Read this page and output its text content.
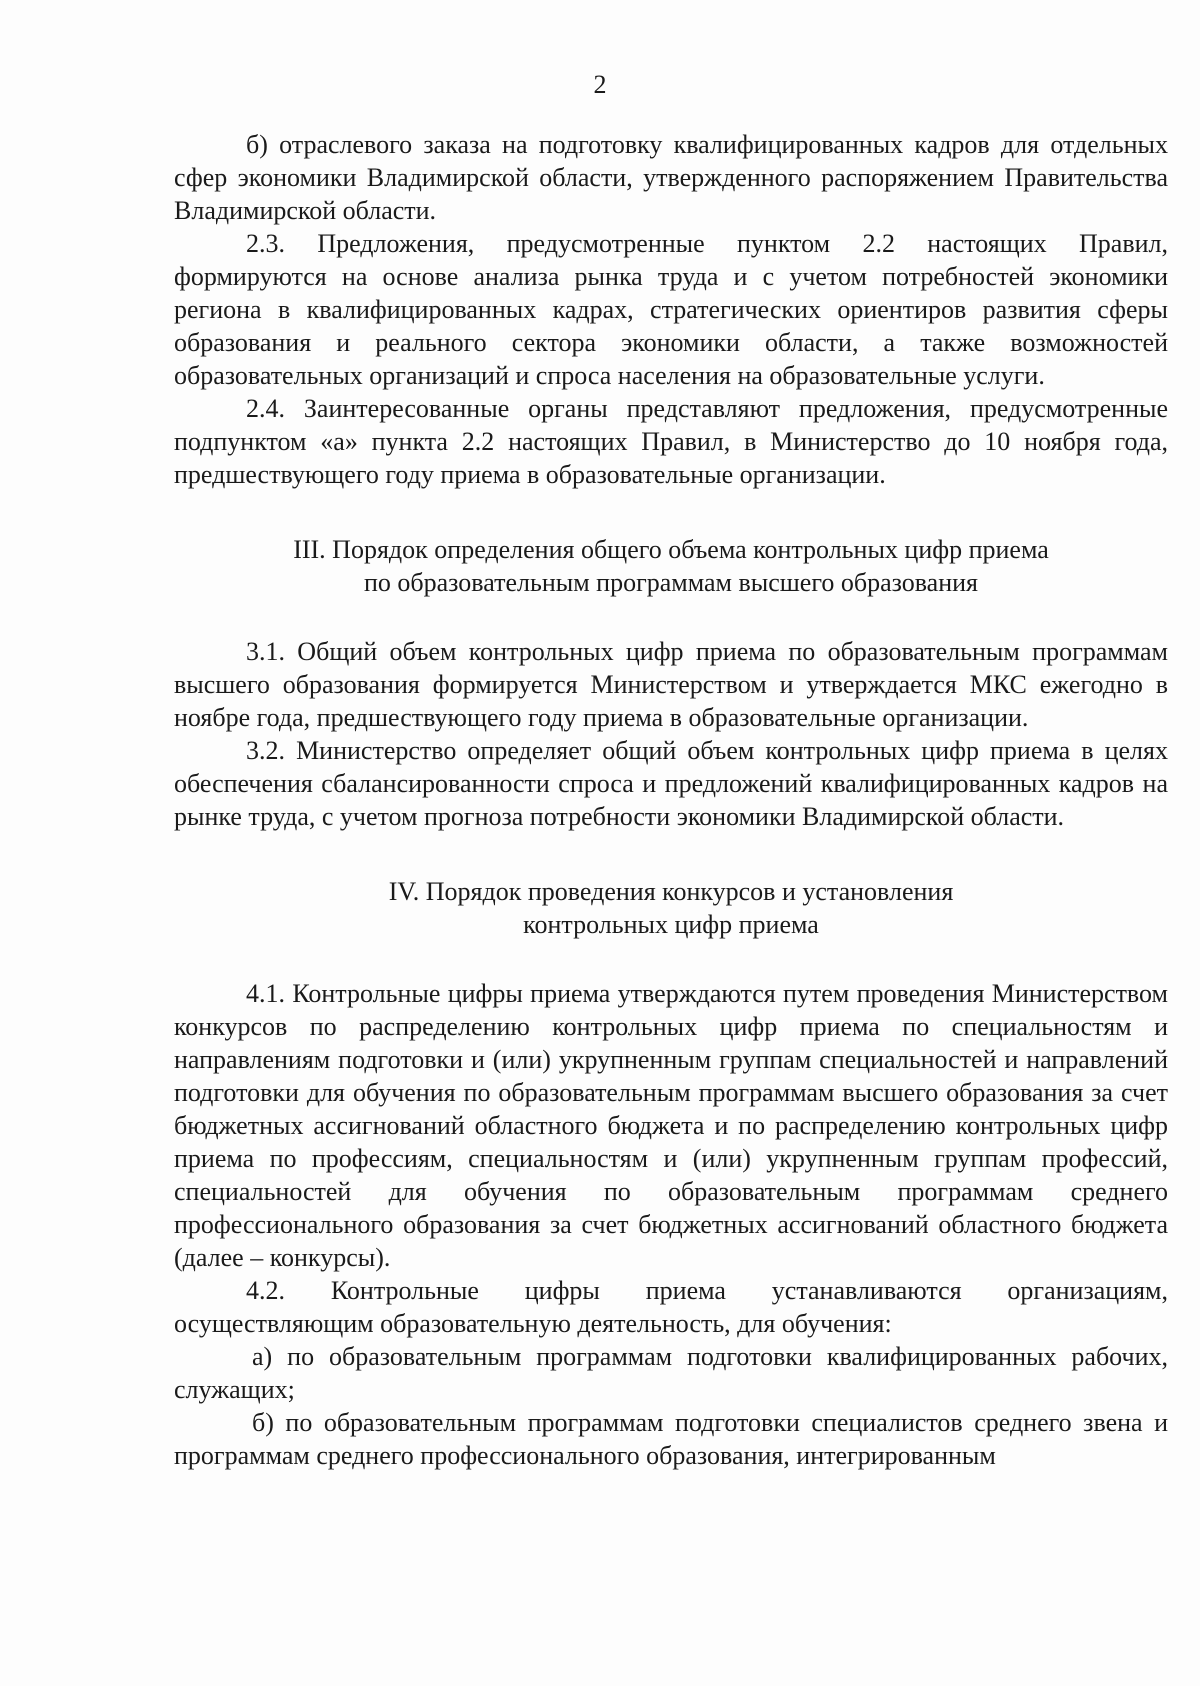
2

б) отраслевого заказа на подготовку квалифицированных кадров для отдельных сфер экономики Владимирской области, утвержденного распоряжением Правительства Владимирской области.

2.3. Предложения, предусмотренные пунктом 2.2 настоящих Правил, формируются на основе анализа рынка труда и с учетом потребностей экономики региона в квалифицированных кадрах, стратегических ориентиров развития сферы образования и реального сектора экономики области, а также возможностей образовательных организаций и спроса населения на образовательные услуги.

2.4. Заинтересованные органы представляют предложения, предусмотренные подпунктом «а» пункта 2.2 настоящих Правил, в Министерство до 10 ноября года, предшествующего году приема в образовательные организации.

III. Порядок определения общего объема контрольных цифр приема по образовательным программам высшего образования

3.1. Общий объем контрольных цифр приема по образовательным программам высшего образования формируется Министерством и утверждается МКС ежегодно в ноябре года, предшествующего году приема в образовательные организации.

3.2. Министерство определяет общий объем контрольных цифр приема в целях обеспечения сбалансированности спроса и предложений квалифицированных кадров на рынке труда, с учетом прогноза потребности экономики Владимирской области.

IV. Порядок проведения конкурсов и установления контрольных цифр приема

4.1. Контрольные цифры приема утверждаются путем проведения Министерством конкурсов по распределению контрольных цифр приема по специальностям и направлениям подготовки и (или) укрупненным группам специальностей и направлений подготовки для обучения по образовательным программам высшего образования за счет бюджетных ассигнований областного бюджета и по распределению контрольных цифр приема по профессиям, специальностям и (или) укрупненным группам профессий, специальностей для обучения по образовательным программам среднего профессионального образования за счет бюджетных ассигнований областного бюджета (далее – конкурсы).

4.2. Контрольные цифры приема устанавливаются организациям, осуществляющим образовательную деятельность, для обучения:

а) по образовательным программам подготовки квалифицированных рабочих, служащих;

б) по образовательным программам подготовки специалистов среднего звена и программам среднего профессионального образования, интегрированным
